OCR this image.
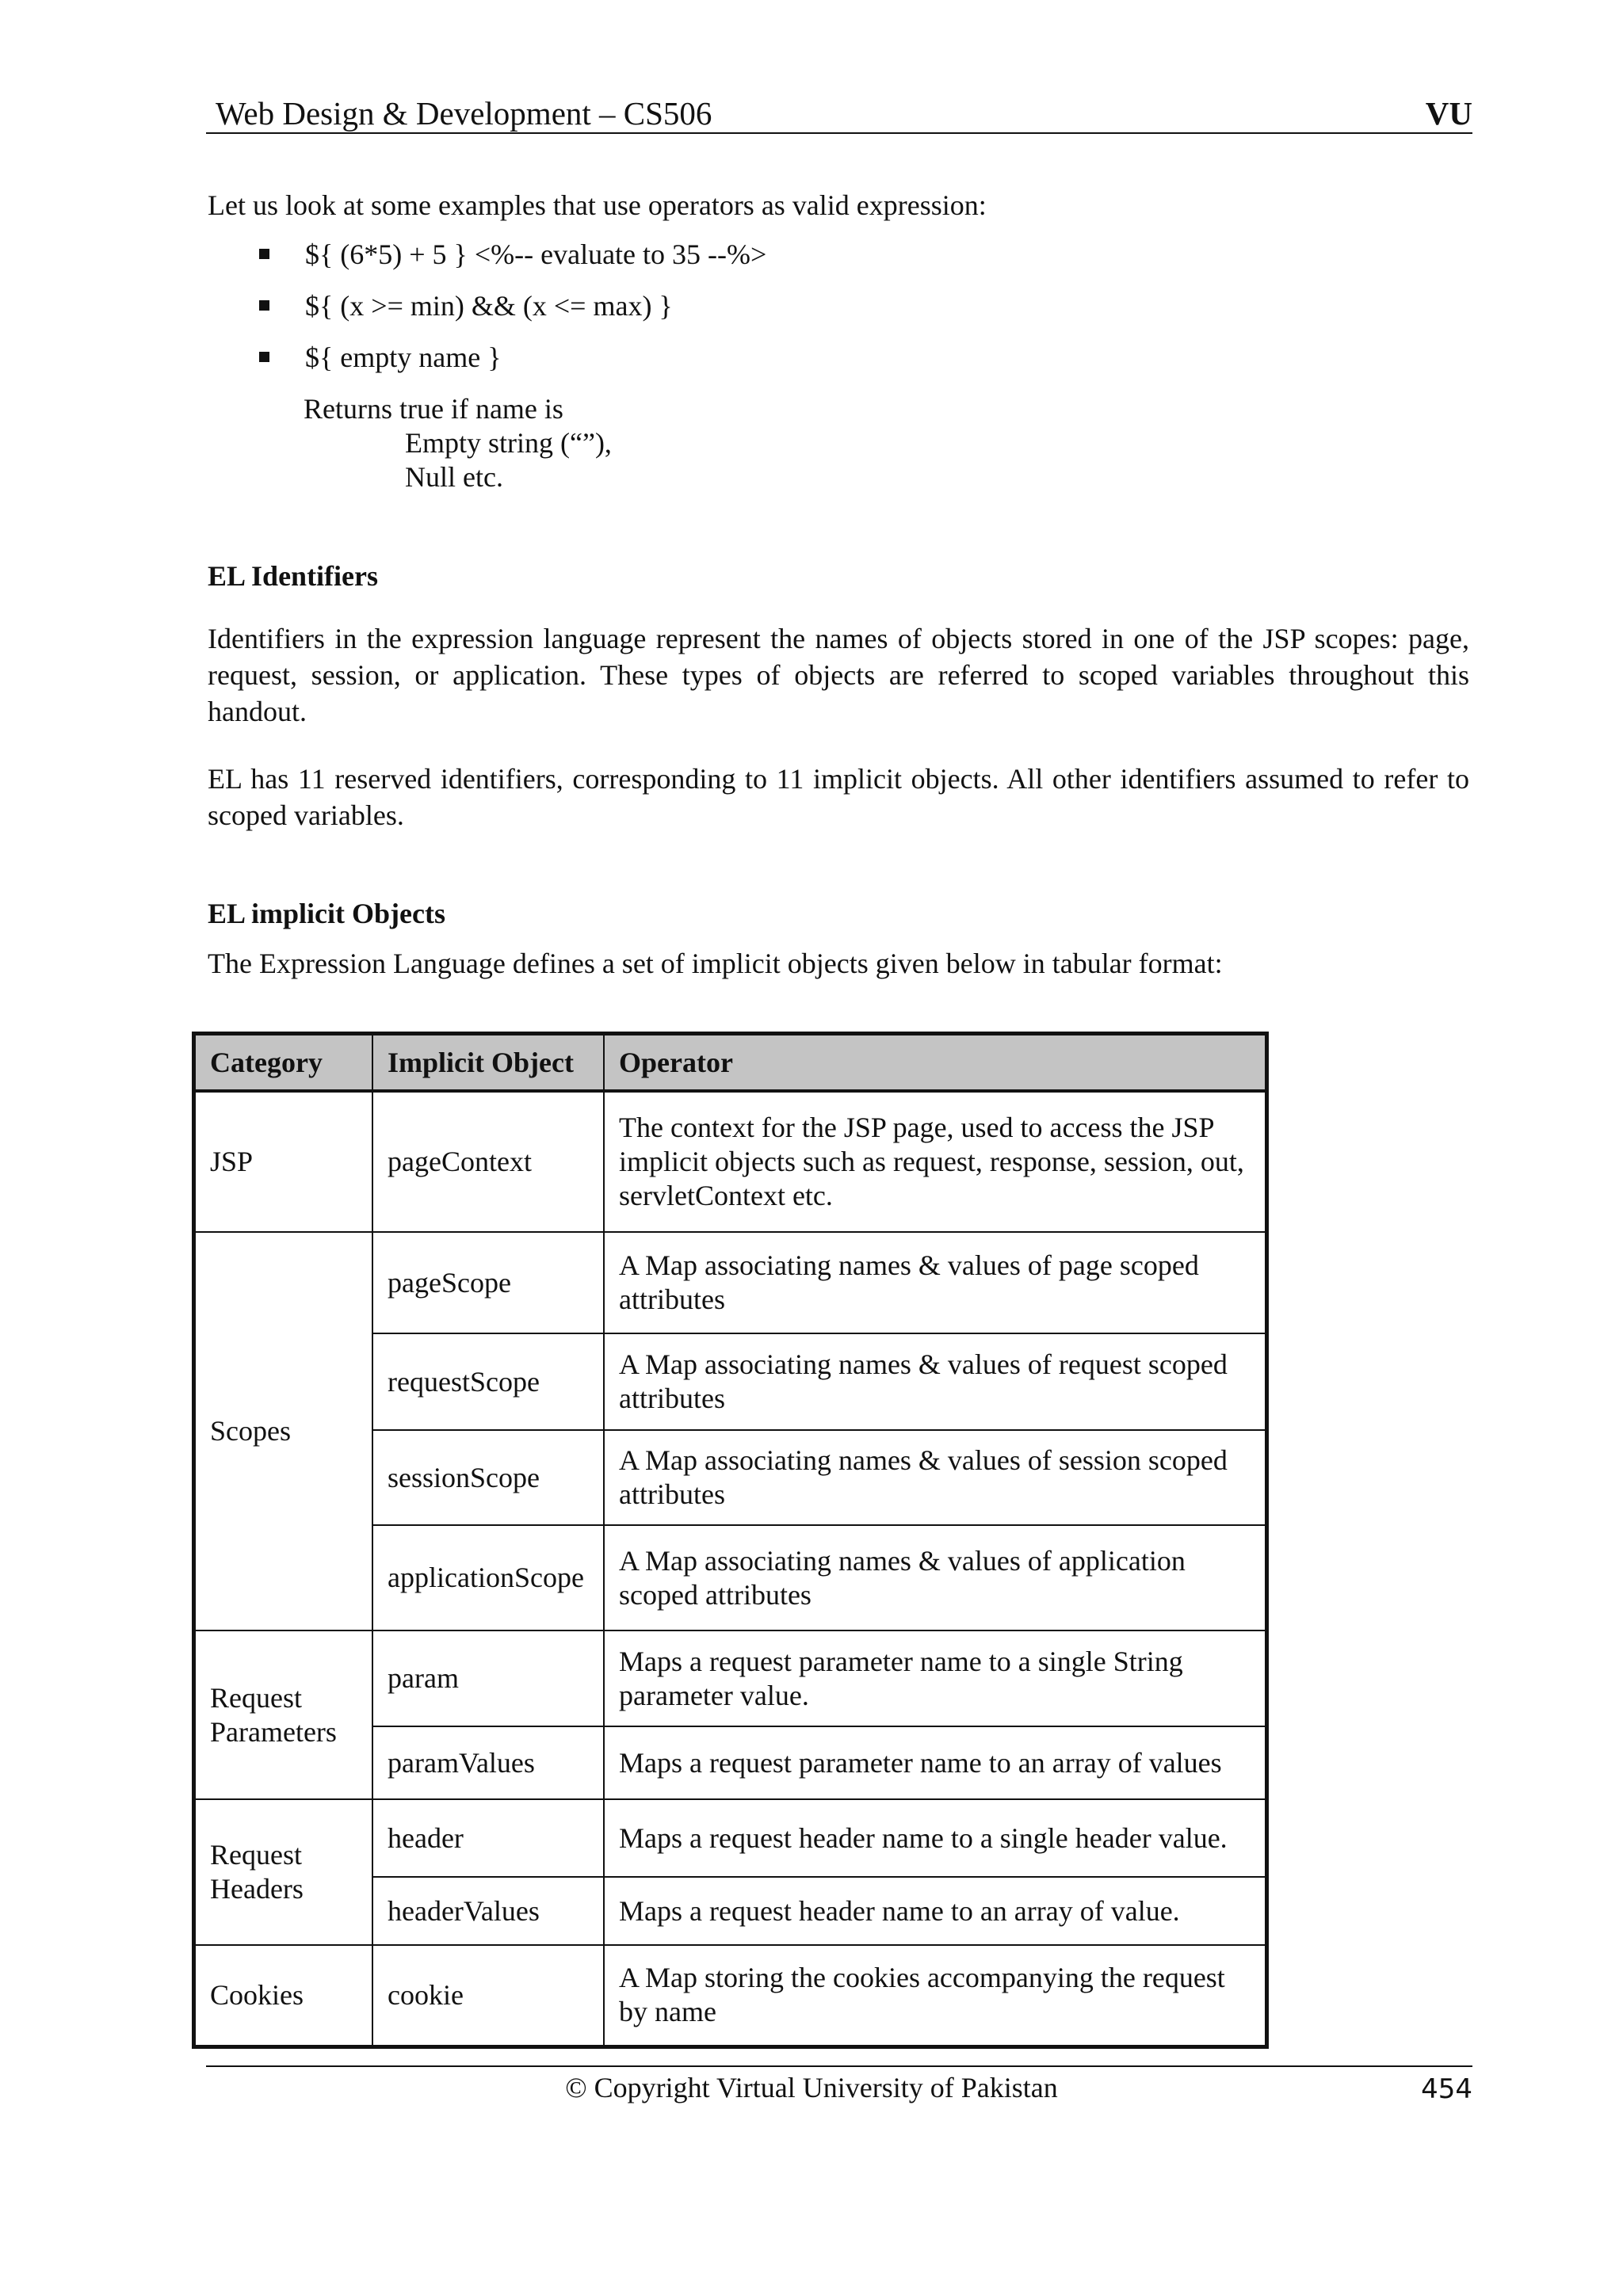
Web Design & Development – CS506	VU
Let us look at some examples that use operators as valid expression:
${ (6*5) + 5 } <%-- evaluate to 35 --%>
${ (x >= min) && (x <= max) }
${ empty name }
Returns true if name is
Empty string (“”),
Null etc.
EL Identifiers
Identifiers in the expression language represent the names of objects stored in one of the JSP scopes: page, request, session, or application. These types of objects are referred to scoped variables throughout this handout.
EL has 11 reserved identifiers, corresponding to 11 implicit objects. All other identifiers assumed to refer to scoped variables.
EL implicit Objects
The Expression Language defines a set of implicit objects given below in tabular format:
Category	Implicit Object	Operator
JSP	pageContext	The context for the JSP page, used to access the JSP implicit objects such as request, response, session, out, servletContext etc.
Scopes	pageScope	A Map associating names & values of page scoped attributes
	requestScope	A Map associating names & values of request scoped attributes
	sessionScope	A Map associating names & values of session scoped attributes
	applicationScope	A Map associating names & values of application scoped attributes
Request Parameters	param	Maps a request parameter name to a single String parameter value.
	paramValues	Maps a request parameter name to an array of values
Request Headers	header	Maps a request header name to a single header value.
	headerValues	Maps a request header name to an array of value.
Cookies	cookie	A Map storing the cookies accompanying the request by name
© Copyright Virtual University of Pakistan	454
